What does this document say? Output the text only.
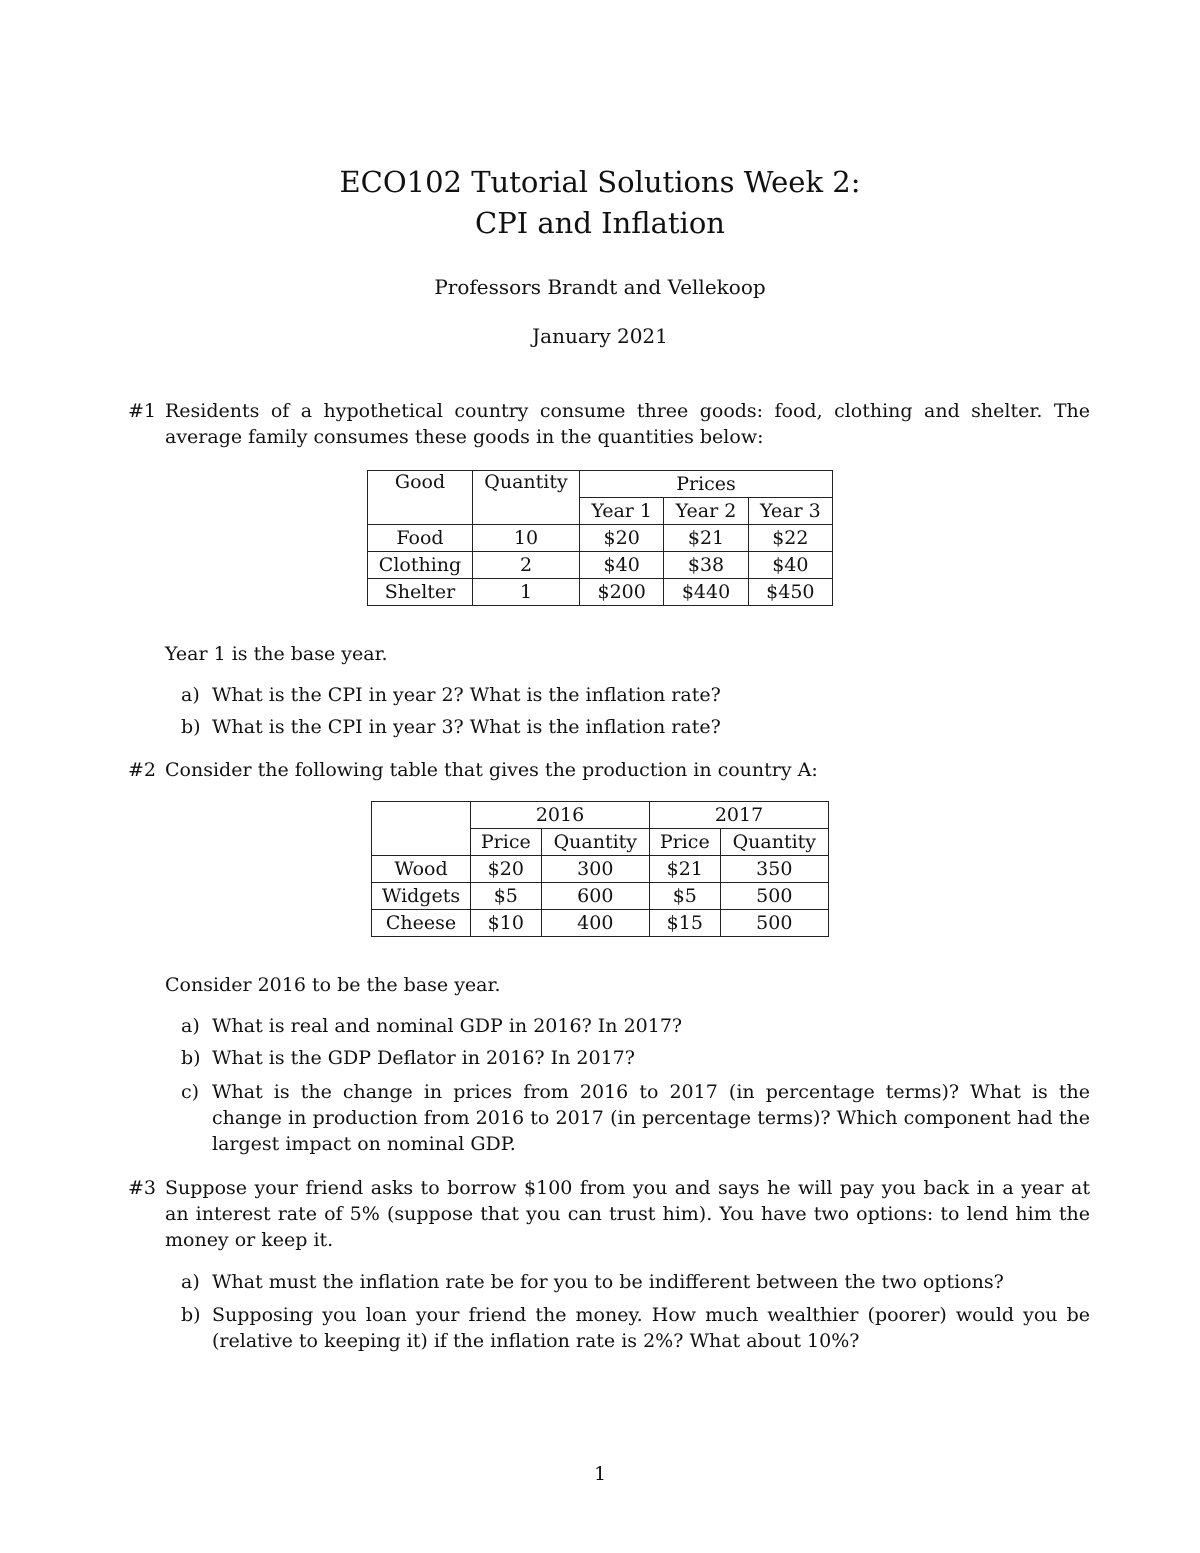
ECO102 Tutorial Solutions Week 2:
CPI and Inflation
Professors Brandt and Vellekoop
January 2021
#1 Residents of a hypothetical country consume three goods: food, clothing and shelter. The average family consumes these goods in the quantities below:
Good	Quantity	Prices		
		Year 1	Year 2	Year 3
Food	10	$20	$21	$22
Clothing	2	$40	$38	$40
Shelter	1	$200	$440	$450
Year 1 is the base year.
a) What is the CPI in year 2? What is the inflation rate?
b) What is the CPI in year 3? What is the inflation rate?
#2 Consider the following table that gives the production in country A:
	2016		2017	
	Price	Quantity	Price	Quantity
Wood	$20	300	$21	350
Widgets	$5	600	$5	500
Cheese	$10	400	$15	500
Consider 2016 to be the base year.
a) What is real and nominal GDP in 2016? In 2017?
b) What is the GDP Deflator in 2016? In 2017?
c) What is the change in prices from 2016 to 2017 (in percentage terms)? What is the change in production from 2016 to 2017 (in percentage terms)? Which component had the largest impact on nominal GDP.
#3 Suppose your friend asks to borrow $100 from you and says he will pay you back in a year at an interest rate of 5% (suppose that you can trust him). You have two options: to lend him the money or keep it.
a) What must the inflation rate be for you to be indifferent between the two options?
b) Supposing you loan your friend the money. How much wealthier (poorer) would you be (relative to keeping it) if the inflation rate is 2%? What about 10%?
1
